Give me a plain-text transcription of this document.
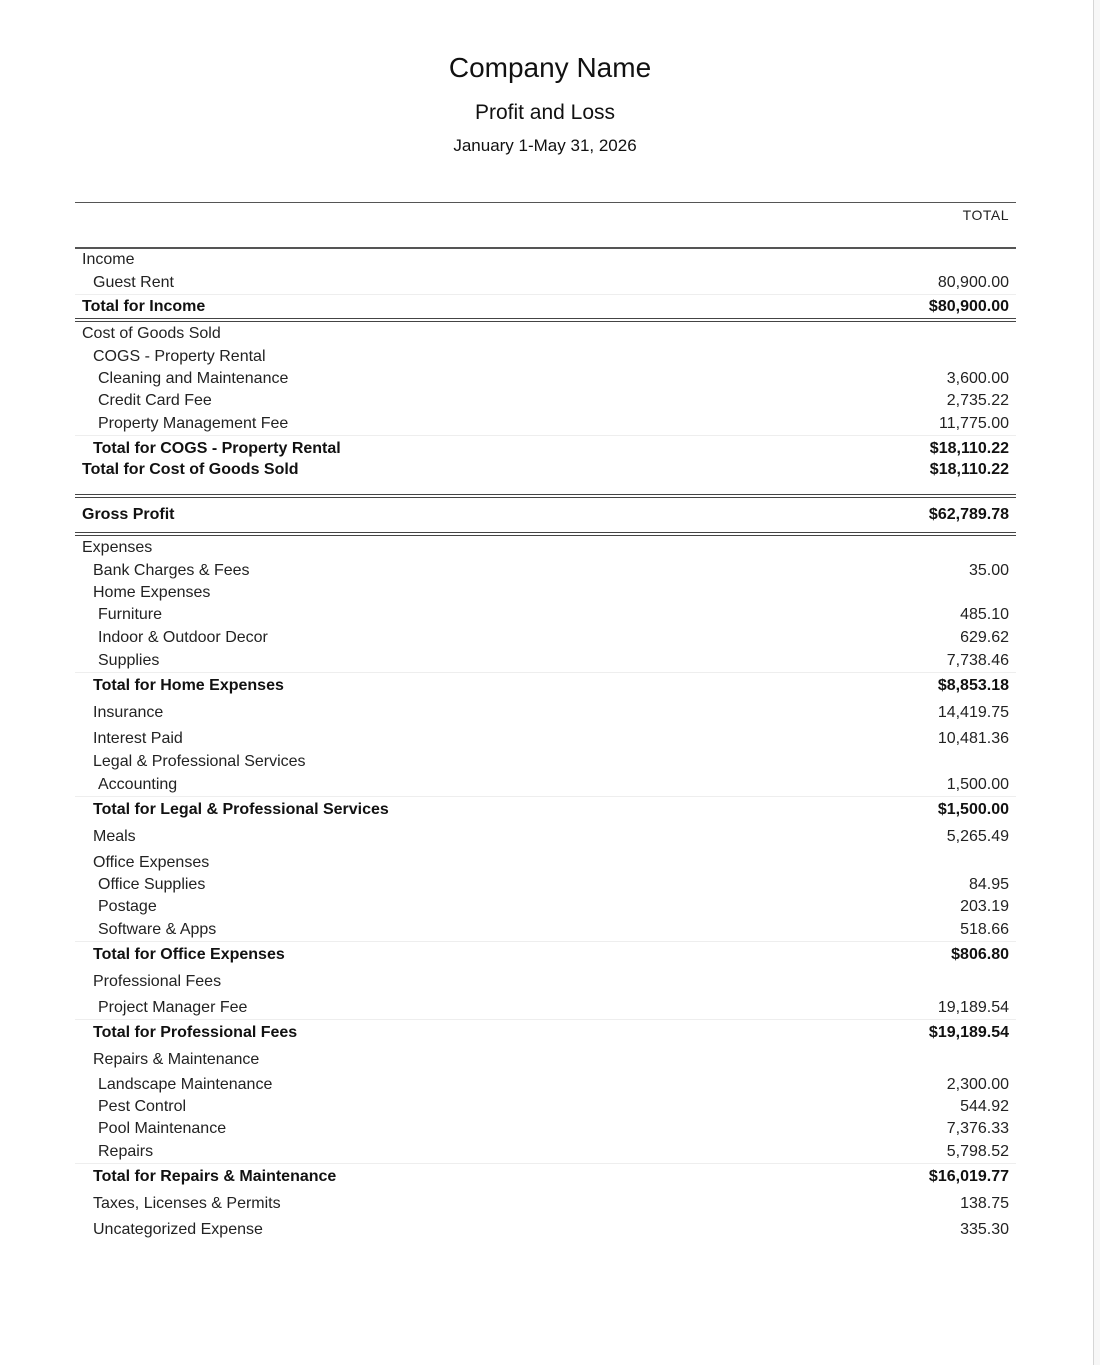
Company Name
Profit and Loss
January 1-May 31, 2026
TOTAL
Income
Guest Rent	80,900.00
Total for Income	$80,900.00
Cost of Goods Sold
COGS - Property Rental
Cleaning and Maintenance	3,600.00
Credit Card Fee	2,735.22
Property Management Fee	11,775.00
Total for COGS - Property Rental	$18,110.22
Total for Cost of Goods Sold	$18,110.22
Gross Profit	$62,789.78
Expenses
Bank Charges & Fees	35.00
Home Expenses
Furniture	485.10
Indoor & Outdoor Decor	629.62
Supplies	7,738.46
Total for Home Expenses	$8,853.18
Insurance	14,419.75
Interest Paid	10,481.36
Legal & Professional Services
Accounting	1,500.00
Total for Legal & Professional Services	$1,500.00
Meals	5,265.49
Office Expenses
Office Supplies	84.95
Postage	203.19
Software & Apps	518.66
Total for Office Expenses	$806.80
Professional Fees
Project Manager Fee	19,189.54
Total for Professional Fees	$19,189.54
Repairs & Maintenance
Landscape Maintenance	2,300.00
Pest Control	544.92
Pool Maintenance	7,376.33
Repairs	5,798.52
Total for Repairs & Maintenance	$16,019.77
Taxes, Licenses & Permits	138.75
Uncategorized Expense	335.30
